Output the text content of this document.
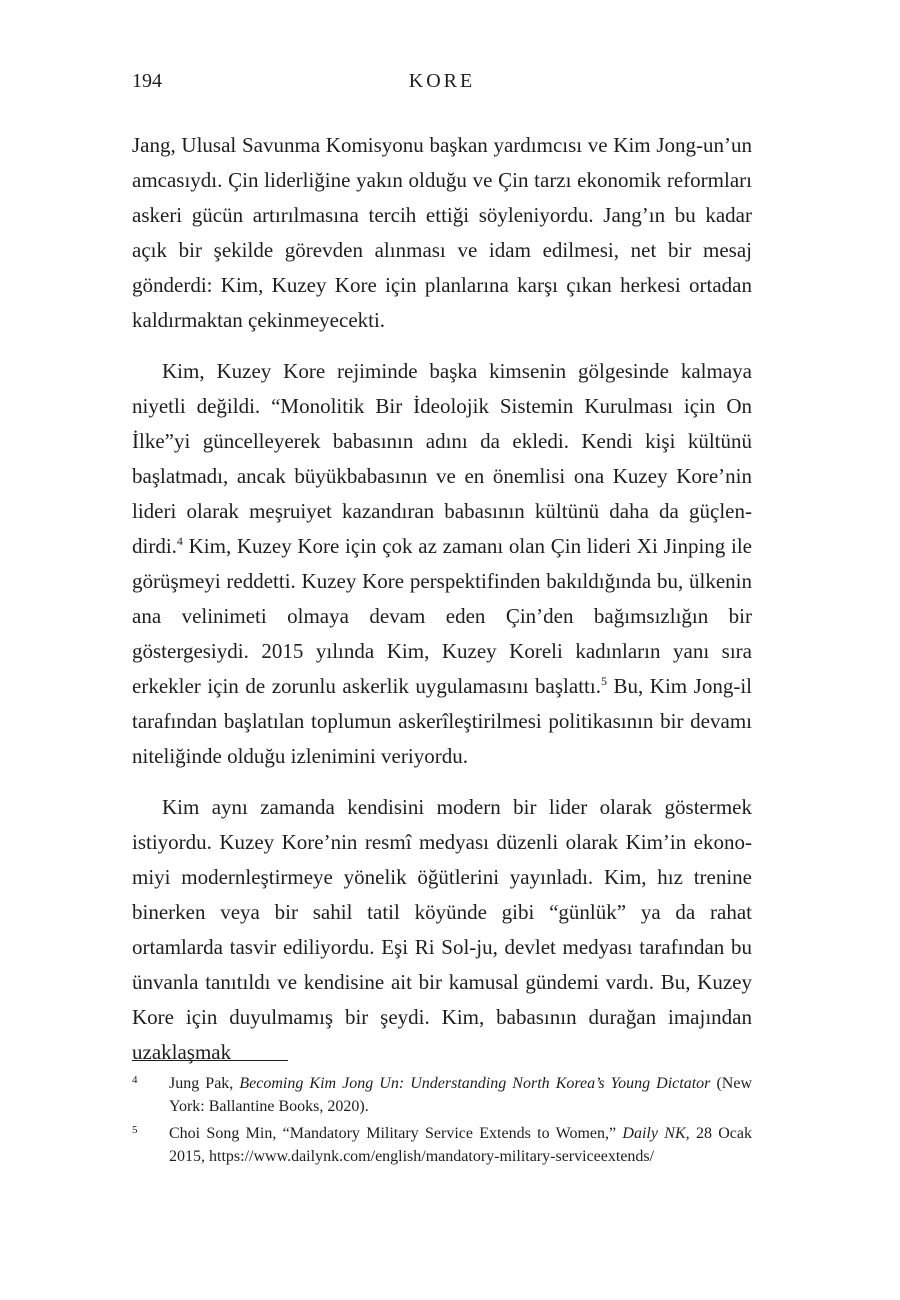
194	KORE

Jang, Ulusal Savunma Komisyonu başkan yardımcısı ve Kim Jong-un’un amcasıydı. Çin liderliğine yakın olduğu ve Çin tarzı ekonomik reformları askeri gücün artırılmasına tercih ettiği söyleniyordu. Jang’ın bu kadar açık bir şekilde görevden alınması ve idam edilmesi, net bir mesaj gönderdi: Kim, Kuzey Kore için planlarına karşı çıkan herkesi ortadan kaldırmaktan çekinmeyecekti.

Kim, Kuzey Kore rejiminde başka kimsenin gölgesinde kalmaya niyetli değildi. “Monolitik Bir İdeolojik Sistemin Kurulması için On İlke”yi güncelleyerek babasının adını da ekledi. Kendi kişi kültünü başlatmadı, ancak büyükbabasının ve en önemlisi ona Kuzey Kore’nin lideri olarak meşruiyet kazandıran babasının kültünü daha da güçlendirdi.$^4$ Kim, Kuzey Kore için çok az zamanı olan Çin lideri Xi Jinping ile görüşmeyi reddetti. Kuzey Kore perspektifinden bakıldığında bu, ülkenin ana velinimeti olmaya devam eden Çin’den bağımsızlığın bir göstergesiydi. 2015 yılında Kim, Kuzey Koreli kadınların yanı sıra erkekler için de zorunlu askerlik uygulamasını başlattı.$^5$ Bu, Kim Jong-il tarafından başlatılan toplumun askerîleştirilmesi politikasının bir devamı niteliğinde olduğu izlenimini veriyordu.

Kim aynı zamanda kendisini modern bir lider olarak göstermek istiyordu. Kuzey Kore’nin resmî medyası düzenli olarak Kim’in ekonomiyi modernleştirmeye yönelik öğütlerini yayınladı. Kim, hız trenine binerken veya bir sahil tatil köyünde gibi “günlük” ya da rahat ortamlarda tasvir ediliyordu. Eşi Ri Sol-ju, devlet medyası tarafından bu ünvanla tanıtıldı ve kendisine ait bir kamusal gündemi vardı. Bu, Kuzey Kore için duyulmamış bir şeydi. Kim, babasının durağan imajından uzaklaşmak

4 Jung Pak, Becoming Kim Jong Un: Understanding North Korea’s Young Dictator (New York: Ballantine Books, 2020).
5 Choi Song Min, “Mandatory Military Service Extends to Women,” Daily NK, 28 Ocak 2015, https://www.dailynk.com/english/mandatory-military-serviceextends/
